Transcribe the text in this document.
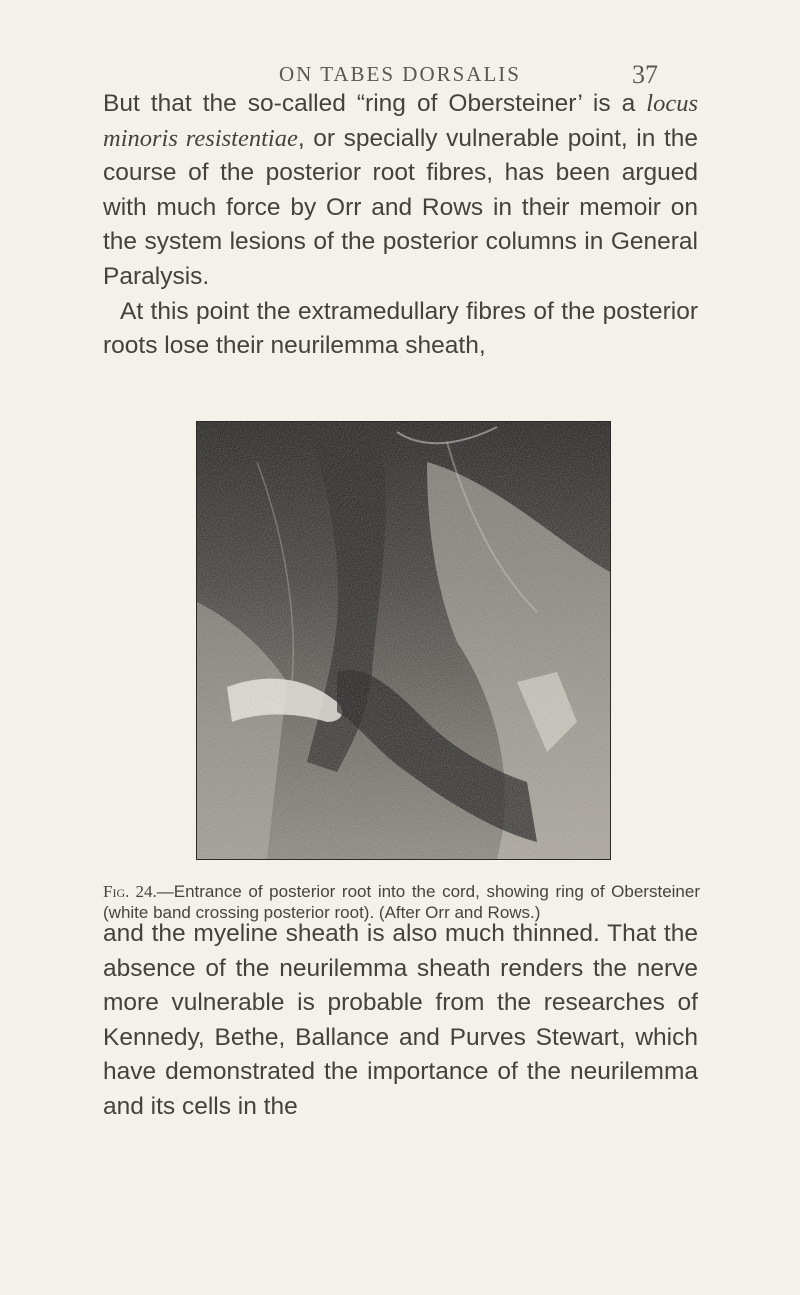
ON TABES DORSALIS	37

But that the so-called “ring of Obersteiner’ is a locus minoris resistentiae, or specially vulnerable point, in the course of the posterior root fibres, has been argued with much force by Orr and Rows in their memoir on the system lesions of the posterior columns in General Paralysis.

At this point the extramedullary fibres of the posterior roots lose their neurilemma sheath,

Fig. 24.—Entrance of posterior root into the cord, showing ring of Obersteiner (white band crossing posterior root). (After Orr and Rows.)

and the myeline sheath is also much thinned. That the absence of the neurilemma sheath renders the nerve more vulnerable is probable from the researches of Kennedy, Bethe, Ballance and Purves Stewart, which have demonstrated the importance of the neurilemma and its cells in the
